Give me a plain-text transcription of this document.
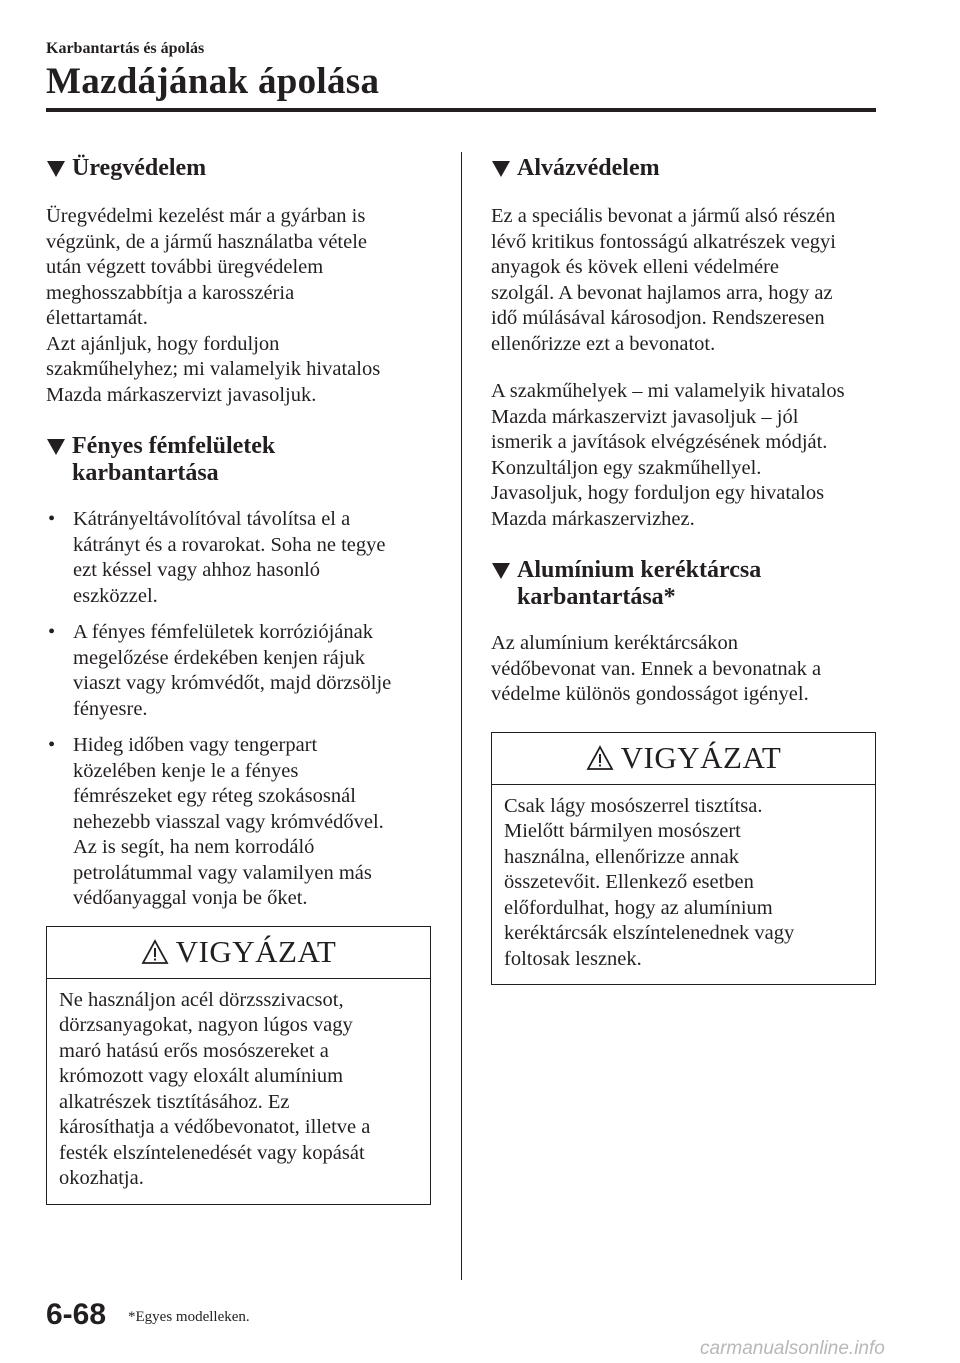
Karbantartás és ápolás
Mazdájának ápolása
Üregvédelem

Üregvédelmi kezelést már a gyárban is
végzünk, de a jármű használatba vétele
után végzett további üregvédelem
meghosszabbítja a karosszéria
élettartamát.
Azt ajánljuk, hogy forduljon
szakműhelyhez; mi valamelyik hivatalos
Mazda márkaszervizt javasoljuk.

Fényes fémfelületek
karbantartása
• Kátrányeltávolítóval távolítsa el a
kátrányt és a rovarokat. Soha ne tegye
ezt késsel vagy ahhoz hasonló
eszközzel.
• A fényes fémfelületek korróziójának
megelőzése érdekében kenjen rájuk
viaszt vagy krómvédőt, majd dörzsölje
fényesre.
• Hideg időben vagy tengerpart
közelében kenje le a fényes
fémrészeket egy réteg szokásosnál
nehezebb viasszal vagy krómvédővel.
Az is segít, ha nem korrodáló
petrolátummal vagy valamilyen más
védőanyaggal vonja be őket.
VIGYÁZAT
Ne használjon acél dörzsszivacsot,
dörzsanyagokat, nagyon lúgos vagy
maró hatású erős mosószereket a
krómozott vagy eloxált alumínium
alkatrészek tisztításához. Ez
károsíthatja a védőbevonatot, illetve a
festék elszíntelenedését vagy kopását
okozhatja.
Alvázvédelem

Ez a speciális bevonat a jármű alsó részén
lévő kritikus fontosságú alkatrészek vegyi
anyagok és kövek elleni védelmére
szolgál. A bevonat hajlamos arra, hogy az
idő múlásával károsodjon. Rendszeresen
ellenőrizze ezt a bevonatot.

A szakműhelyek – mi valamelyik hivatalos
Mazda márkaszervizt javasoljuk – jól
ismerik a javítások elvégzésének módját.
Konzultáljon egy szakműhellyel.
Javasoljuk, hogy forduljon egy hivatalos
Mazda márkaszervizhez.

Alumínium keréktárcsa
karbantartása*

Az alumínium keréktárcsákon
védőbevonat van. Ennek a bevonatnak a
védelme különös gondosságot igényel.

VIGYÁZAT
Csak lágy mosószerrel tisztítsa.
Mielőtt bármilyen mosószert
használna, ellenőrizze annak
összetevőit. Ellenkező esetben
előfordulhat, hogy az alumínium
keréktárcsák elszíntelenednek vagy
foltosak lesznek.
6-68 *Egyes modelleken.
carmanualsonline.info
